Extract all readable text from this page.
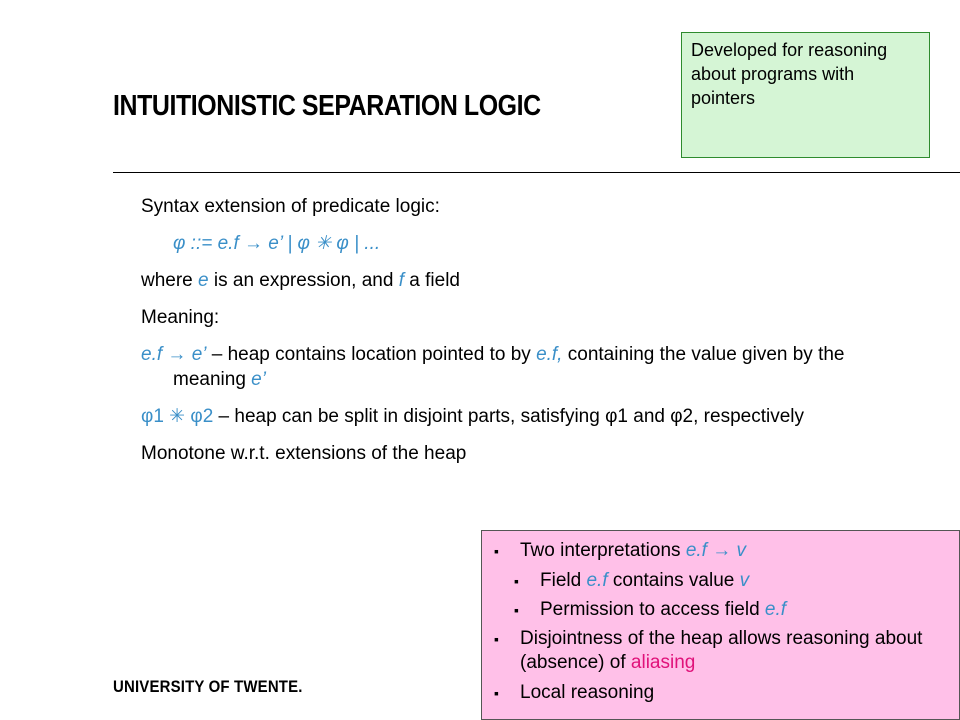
INTUITIONISTIC SEPARATION LOGIC
Developed for reasoning about programs with pointers

Syntax extension of predicate logic:

φ ::= e.f → e’ | φ ✳ φ | ...

where e is an expression, and f a field

Meaning:

e.f → e’ – heap contains location pointed to by e.f, containing the value given by the meaning e’

φ1 ✳ φ2 – heap can be split in disjoint parts, satisfying φ1 and φ2, respectively

Monotone w.r.t. extensions of the heap

▪ Two interpretations e.f → v
▪ Field e.f contains value v
▪ Permission to access field e.f
▪ Disjointness of the heap allows reasoning about (absence) of aliasing
▪ Local reasoning
UNIVERSITY OF TWENTE.
